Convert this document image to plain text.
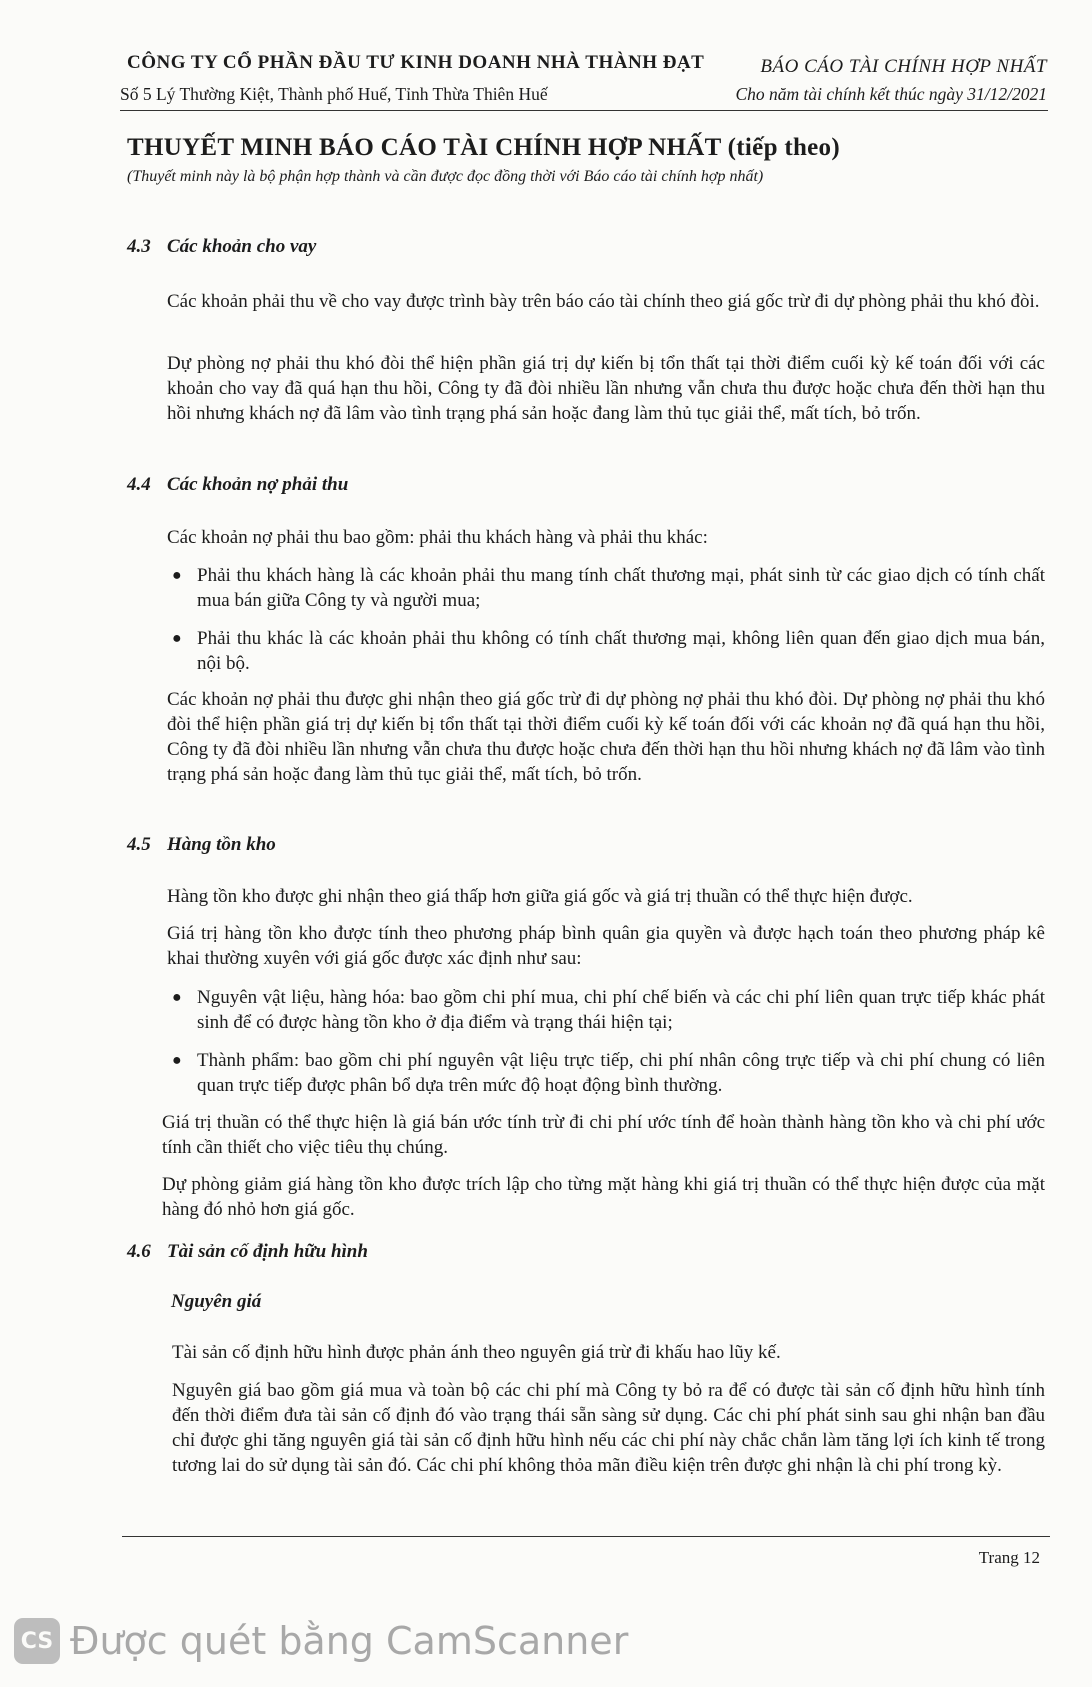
CÔNG TY CỔ PHẦN ĐẦU TƯ KINH DOANH NHÀ THÀNH ĐẠT
Số 5 Lý Thường Kiệt, Thành phố Huế, Tỉnh Thừa Thiên Huế
BÁO CÁO TÀI CHÍNH HỢP NHẤT
Cho năm tài chính kết thúc ngày 31/12/2021
THUYẾT MINH BÁO CÁO TÀI CHÍNH HỢP NHẤT (tiếp theo)
(Thuyết minh này là bộ phận hợp thành và cần được đọc đồng thời với Báo cáo tài chính hợp nhất)
4.3 Các khoản cho vay
Các khoản phải thu về cho vay được trình bày trên báo cáo tài chính theo giá gốc trừ đi dự phòng phải thu khó đòi.
Dự phòng nợ phải thu khó đòi thể hiện phần giá trị dự kiến bị tổn thất tại thời điểm cuối kỳ kế toán đối với các khoản cho vay đã quá hạn thu hồi, Công ty đã đòi nhiều lần nhưng vẫn chưa thu được hoặc chưa đến thời hạn thu hồi nhưng khách nợ đã lâm vào tình trạng phá sản hoặc đang làm thủ tục giải thể, mất tích, bỏ trốn.
4.4 Các khoản nợ phải thu
Các khoản nợ phải thu bao gồm: phải thu khách hàng và phải thu khác:
● Phải thu khách hàng là các khoản phải thu mang tính chất thương mại, phát sinh từ các giao dịch có tính chất mua bán giữa Công ty và người mua;
● Phải thu khác là các khoản phải thu không có tính chất thương mại, không liên quan đến giao dịch mua bán, nội bộ.
Các khoản nợ phải thu được ghi nhận theo giá gốc trừ đi dự phòng nợ phải thu khó đòi. Dự phòng nợ phải thu khó đòi thể hiện phần giá trị dự kiến bị tổn thất tại thời điểm cuối kỳ kế toán đối với các khoản nợ đã quá hạn thu hồi, Công ty đã đòi nhiều lần nhưng vẫn chưa thu được hoặc chưa đến thời hạn thu hồi nhưng khách nợ đã lâm vào tình trạng phá sản hoặc đang làm thủ tục giải thể, mất tích, bỏ trốn.
4.5 Hàng tồn kho
Hàng tồn kho được ghi nhận theo giá thấp hơn giữa giá gốc và giá trị thuần có thể thực hiện được.
Giá trị hàng tồn kho được tính theo phương pháp bình quân gia quyền và được hạch toán theo phương pháp kê khai thường xuyên với giá gốc được xác định như sau:
● Nguyên vật liệu, hàng hóa: bao gồm chi phí mua, chi phí chế biến và các chi phí liên quan trực tiếp khác phát sinh để có được hàng tồn kho ở địa điểm và trạng thái hiện tại;
● Thành phẩm: bao gồm chi phí nguyên vật liệu trực tiếp, chi phí nhân công trực tiếp và chi phí chung có liên quan trực tiếp được phân bổ dựa trên mức độ hoạt động bình thường.
Giá trị thuần có thể thực hiện là giá bán ước tính trừ đi chi phí ước tính để hoàn thành hàng tồn kho và chi phí ước tính cần thiết cho việc tiêu thụ chúng.
Dự phòng giảm giá hàng tồn kho được trích lập cho từng mặt hàng khi giá trị thuần có thể thực hiện được của mặt hàng đó nhỏ hơn giá gốc.
4.6 Tài sản cố định hữu hình
Nguyên giá
Tài sản cố định hữu hình được phản ánh theo nguyên giá trừ đi khấu hao lũy kế.
Nguyên giá bao gồm giá mua và toàn bộ các chi phí mà Công ty bỏ ra để có được tài sản cố định hữu hình tính đến thời điểm đưa tài sản cố định đó vào trạng thái sẵn sàng sử dụng. Các chi phí phát sinh sau ghi nhận ban đầu chỉ được ghi tăng nguyên giá tài sản cố định hữu hình nếu các chi phí này chắc chắn làm tăng lợi ích kinh tế trong tương lai do sử dụng tài sản đó. Các chi phí không thỏa mãn điều kiện trên được ghi nhận là chi phí trong kỳ.
Trang 12
CS Được quét bằng CamScanner
